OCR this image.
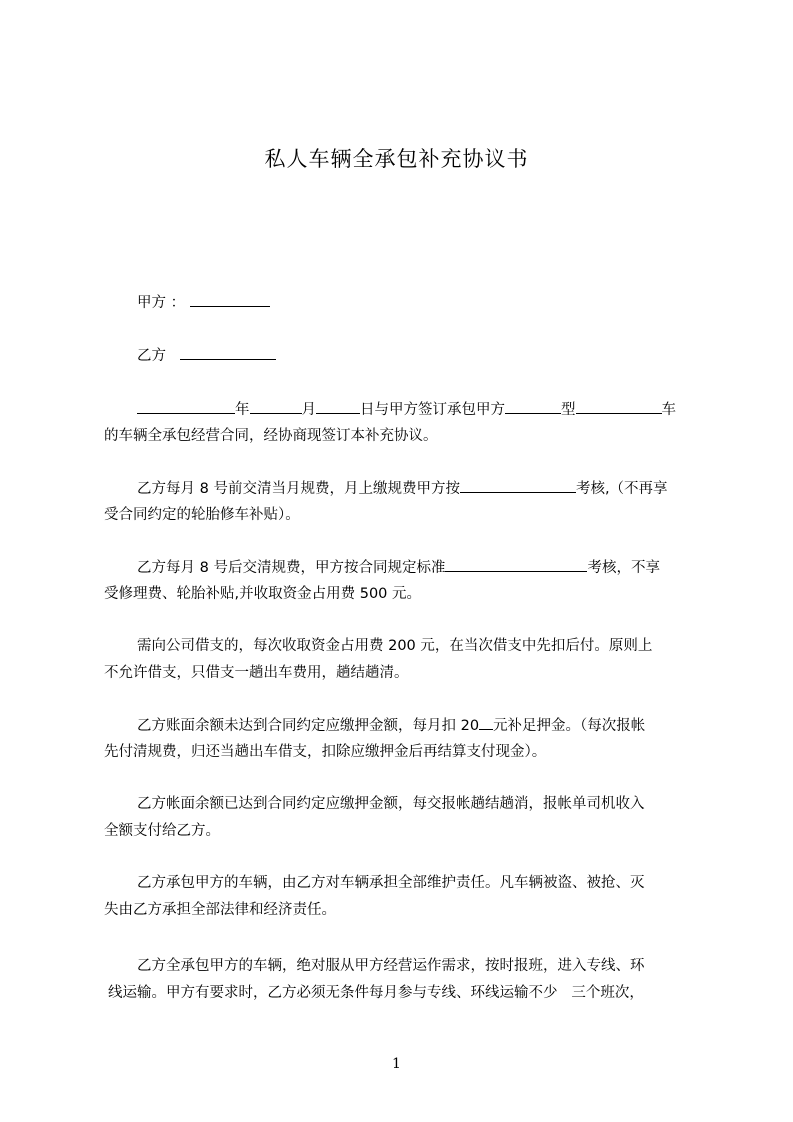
私人车辆全承包补充协议书

甲方 ：

乙方

年	月	日与甲方签订承包甲方	型	车

的车辆全承包经营合同，经协商现签订本补充协议。

乙方每月 8 号前交清当月规费，月上缴规费甲方按	考核,（不再享

受合同约定的轮胎修车补贴）。

乙方每月 8 号后交清规费，甲方按合同规定标准	考核，不享

受修理费、轮胎补贴,并收取资金占用费 500 元。

需向公司借支的，每次收取资金占用费 200 元，在当次借支中先扣后付。原则上

不允许借支，只借支一趟出车费用，趟结趟清。

乙方账面余额未达到合同约定应缴押金额，每月扣 20 元补足押金。（每次报帐

先付清规费，归还当趟出车借支，扣除应缴押金后再结算支付现金）。

乙方帐面余额已达到合同约定应缴押金额，每交报帐趟结趟消，报帐单司机收入

全额支付给乙方。

乙方承包甲方的车辆，由乙方对车辆承担全部维护责任。凡车辆被盗、被抢、灭

失由乙方承担全部法律和经济责任。

乙方全承包甲方的车辆，绝对服从甲方经营运作需求，按时报班，进入专线、环

线运输。甲方有要求时，乙方必须无条件每月参与专线、环线运输不少   三个班次，

1
